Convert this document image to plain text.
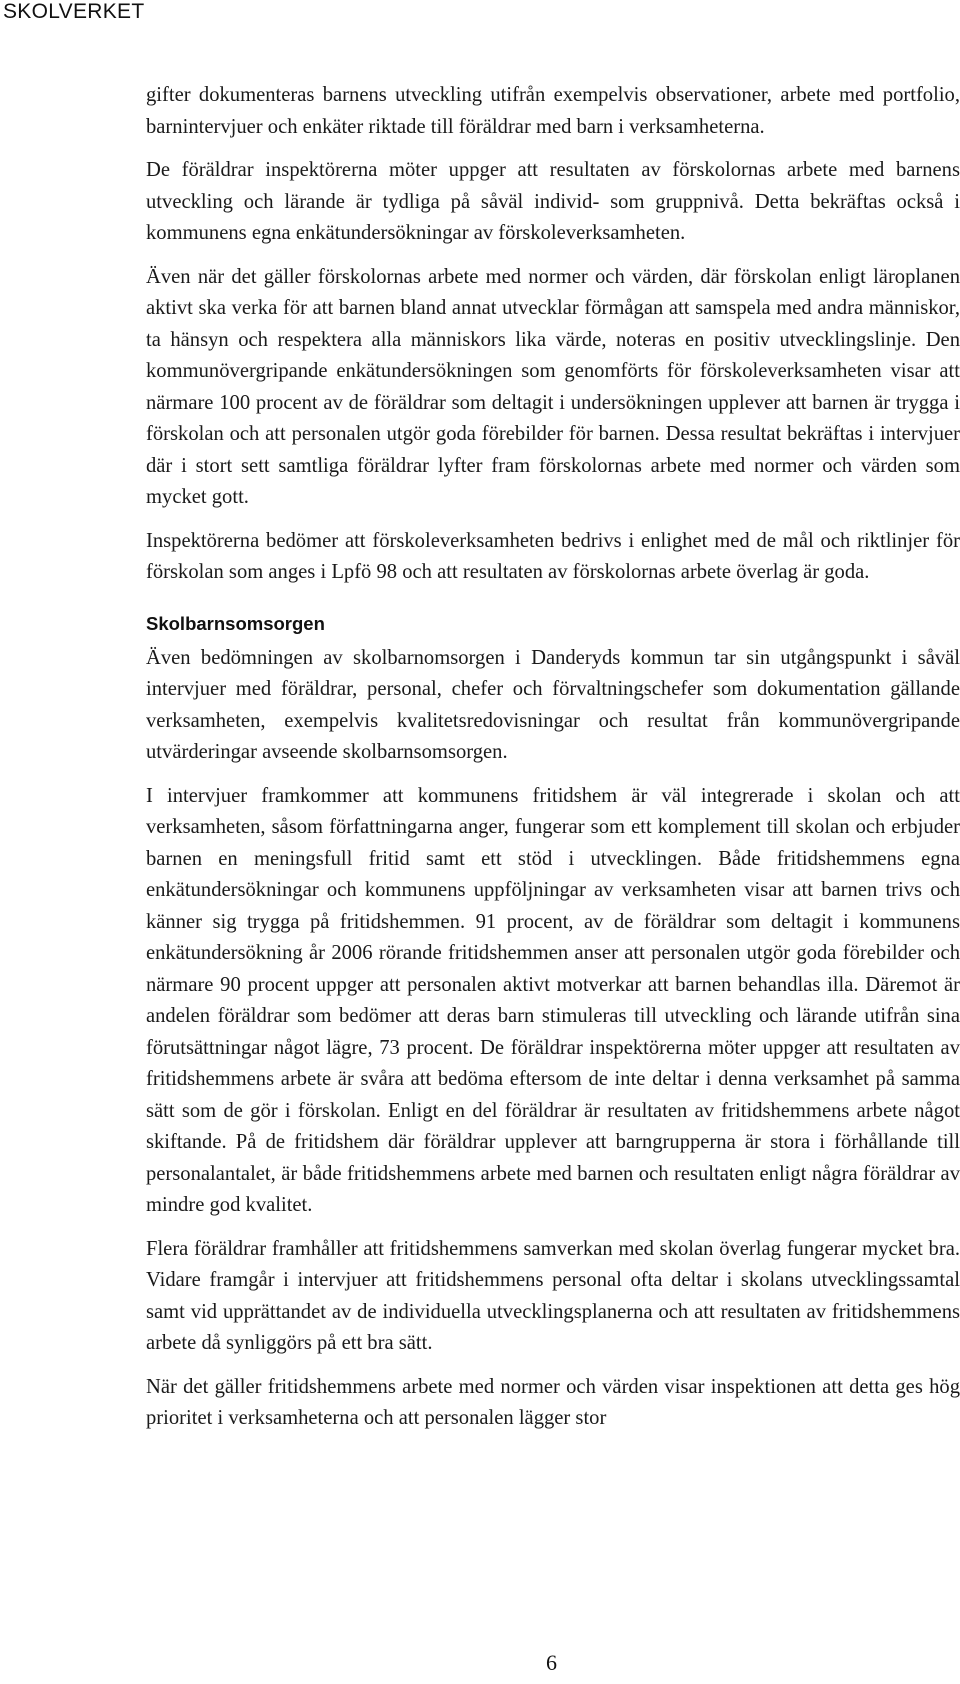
SKOLVERKET

gifter dokumenteras barnens utveckling utifrån exempelvis observationer, arbete med portfolio, barnintervjuer och enkäter riktade till föräldrar med barn i verksamheterna.

De föräldrar inspektörerna möter uppger att resultaten av förskolornas arbete med barnens utveckling och lärande är tydliga på såväl individ- som gruppnivå. Detta bekräftas också i kommunens egna enkätundersökningar av förskoleverksamheten.

Även när det gäller förskolornas arbete med normer och värden, där förskolan enligt läroplanen aktivt ska verka för att barnen bland annat utvecklar förmågan att samspela med andra människor, ta hänsyn och respektera alla människors lika värde, noteras en positiv utvecklingslinje. Den kommunövergripande enkätundersökningen som genomförts för förskoleverksamheten visar att närmare 100 procent av de föräldrar som deltagit i undersökningen upplever att barnen är trygga i förskolan och att personalen utgör goda förebilder för barnen. Dessa resultat bekräftas i intervjuer där i stort sett samtliga föräldrar lyfter fram förskolornas arbete med normer och värden som mycket gott.

Inspektörerna bedömer att förskoleverksamheten bedrivs i enlighet med de mål och riktlinjer för förskolan som anges i Lpfö 98 och att resultaten av förskolornas arbete överlag är goda.

Skolbarnsomsorgen

Även bedömningen av skolbarnomsorgen i Danderyds kommun tar sin utgångspunkt i såväl intervjuer med föräldrar, personal, chefer och förvaltningschefer som dokumentation gällande verksamheten, exempelvis kvalitetsredovisningar och resultat från kommunövergripande utvärderingar avseende skolbarnsomsorgen.

I intervjuer framkommer att kommunens fritidshem är väl integrerade i skolan och att verksamheten, såsom författningarna anger, fungerar som ett komplement till skolan och erbjuder barnen en meningsfull fritid samt ett stöd i utvecklingen. Både fritidshemmens egna enkätundersökningar och kommunens uppföljningar av verksamheten visar att barnen trivs och känner sig trygga på fritidshemmen. 91 procent, av de föräldrar som deltagit i kommunens enkätundersökning år 2006 rörande fritidshemmen anser att personalen utgör goda förebilder och närmare 90 procent uppger att personalen aktivt motverkar att barnen behandlas illa. Däremot är andelen föräldrar som bedömer att deras barn stimuleras till utveckling och lärande utifrån sina förutsättningar något lägre, 73 procent. De föräldrar inspektörerna möter uppger att resultaten av fritidshemmens arbete är svåra att bedöma eftersom de inte deltar i denna verksamhet på samma sätt som de gör i förskolan. Enligt en del föräldrar är resultaten av fritidshemmens arbete något skiftande. På de fritidshem där föräldrar upplever att barngrupperna är stora i förhållande till personalantalet, är både fritidshemmens arbete med barnen och resultaten enligt några föräldrar av mindre god kvalitet.

Flera föräldrar framhåller att fritidshemmens samverkan med skolan överlag fungerar mycket bra. Vidare framgår i intervjuer att fritidshemmens personal ofta deltar i skolans utvecklingssamtal samt vid upprättandet av de individuella utvecklingsplanerna och att resultaten av fritidshemmens arbete då synliggörs på ett bra sätt.

När det gäller fritidshemmens arbete med normer och värden visar inspektionen att detta ges hög prioritet i verksamheterna och att personalen lägger stor

6
